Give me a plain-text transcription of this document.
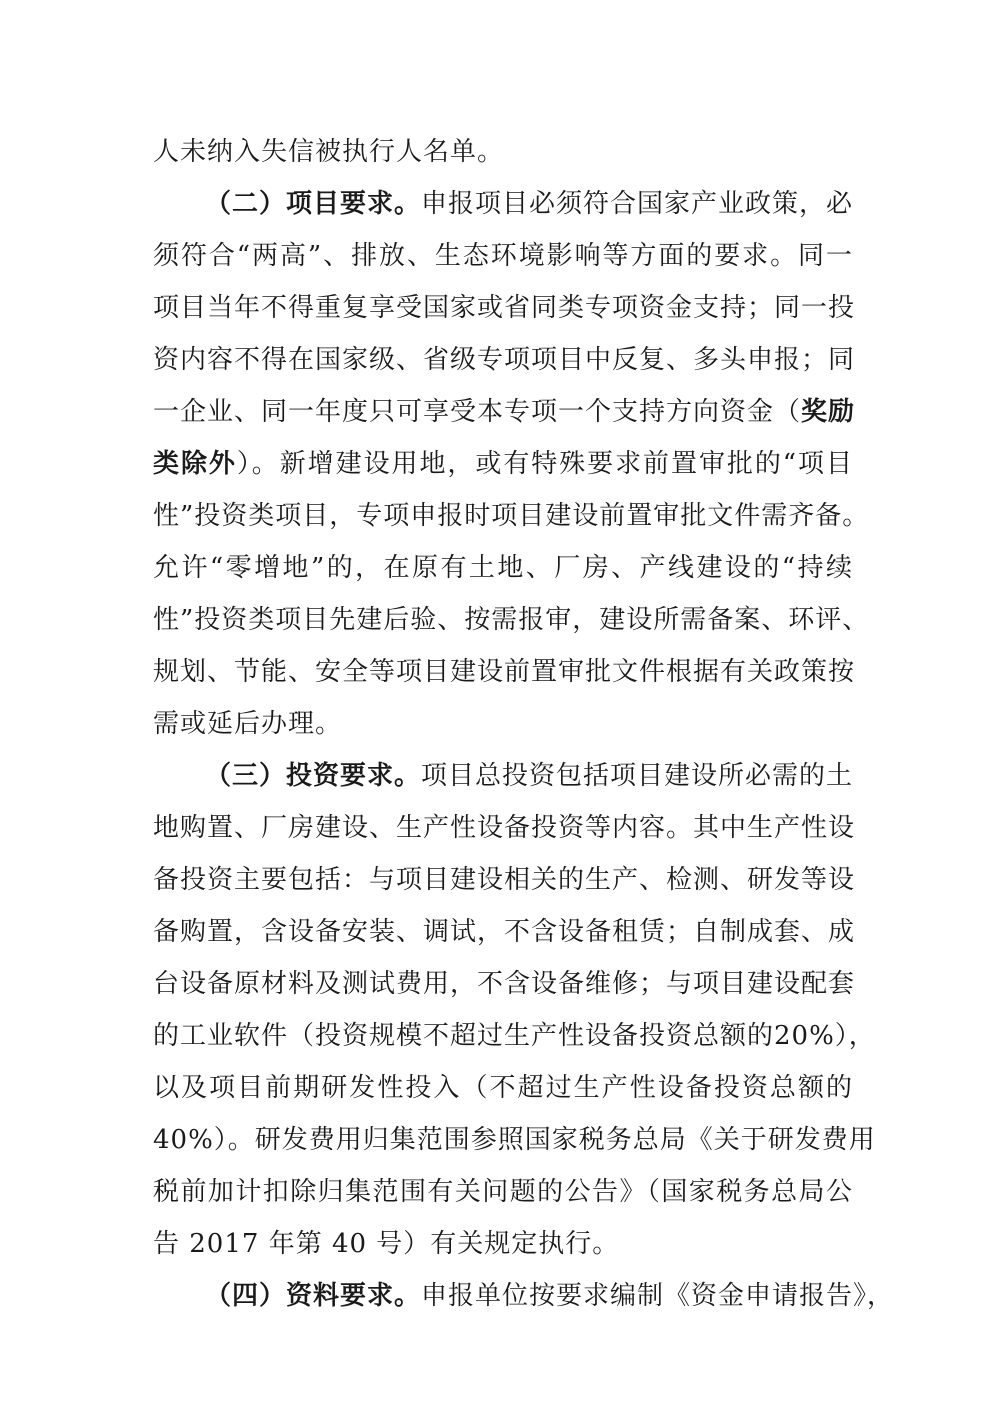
人未纳入失信被执行人名单。
（二）项目要求。申报项目必须符合国家产业政策，必
须符合“两高”、排放、生态环境影响等方面的要求。同一
项目当年不得重复享受国家或省同类专项资金支持；同一投
资内容不得在国家级、省级专项项目中反复、多头申报；同
一企业、同一年度只可享受本专项一个支持方向资金（奖励
类除外）。新增建设用地，或有特殊要求前置审批的“项目
性”投资类项目，专项申报时项目建设前置审批文件需齐备。
允许“零增地”的，在原有土地、厂房、产线建设的“持续
性”投资类项目先建后验、按需报审，建设所需备案、环评、
规划、节能、安全等项目建设前置审批文件根据有关政策按
需或延后办理。
（三）投资要求。项目总投资包括项目建设所必需的土
地购置、厂房建设、生产性设备投资等内容。其中生产性设
备投资主要包括：与项目建设相关的生产、检测、研发等设
备购置，含设备安装、调试，不含设备租赁；自制成套、成
台设备原材料及测试费用，不含设备维修；与项目建设配套
的工业软件（投资规模不超过生产性设备投资总额的20%），
以及项目前期研发性投入（不超过生产性设备投资总额的
40%）。研发费用归集范围参照国家税务总局《关于研发费用
税前加计扣除归集范围有关问题的公告》（国家税务总局公
告 2017 年第 40 号）有关规定执行。
（四）资料要求。申报单位按要求编制《资金申请报告》，
